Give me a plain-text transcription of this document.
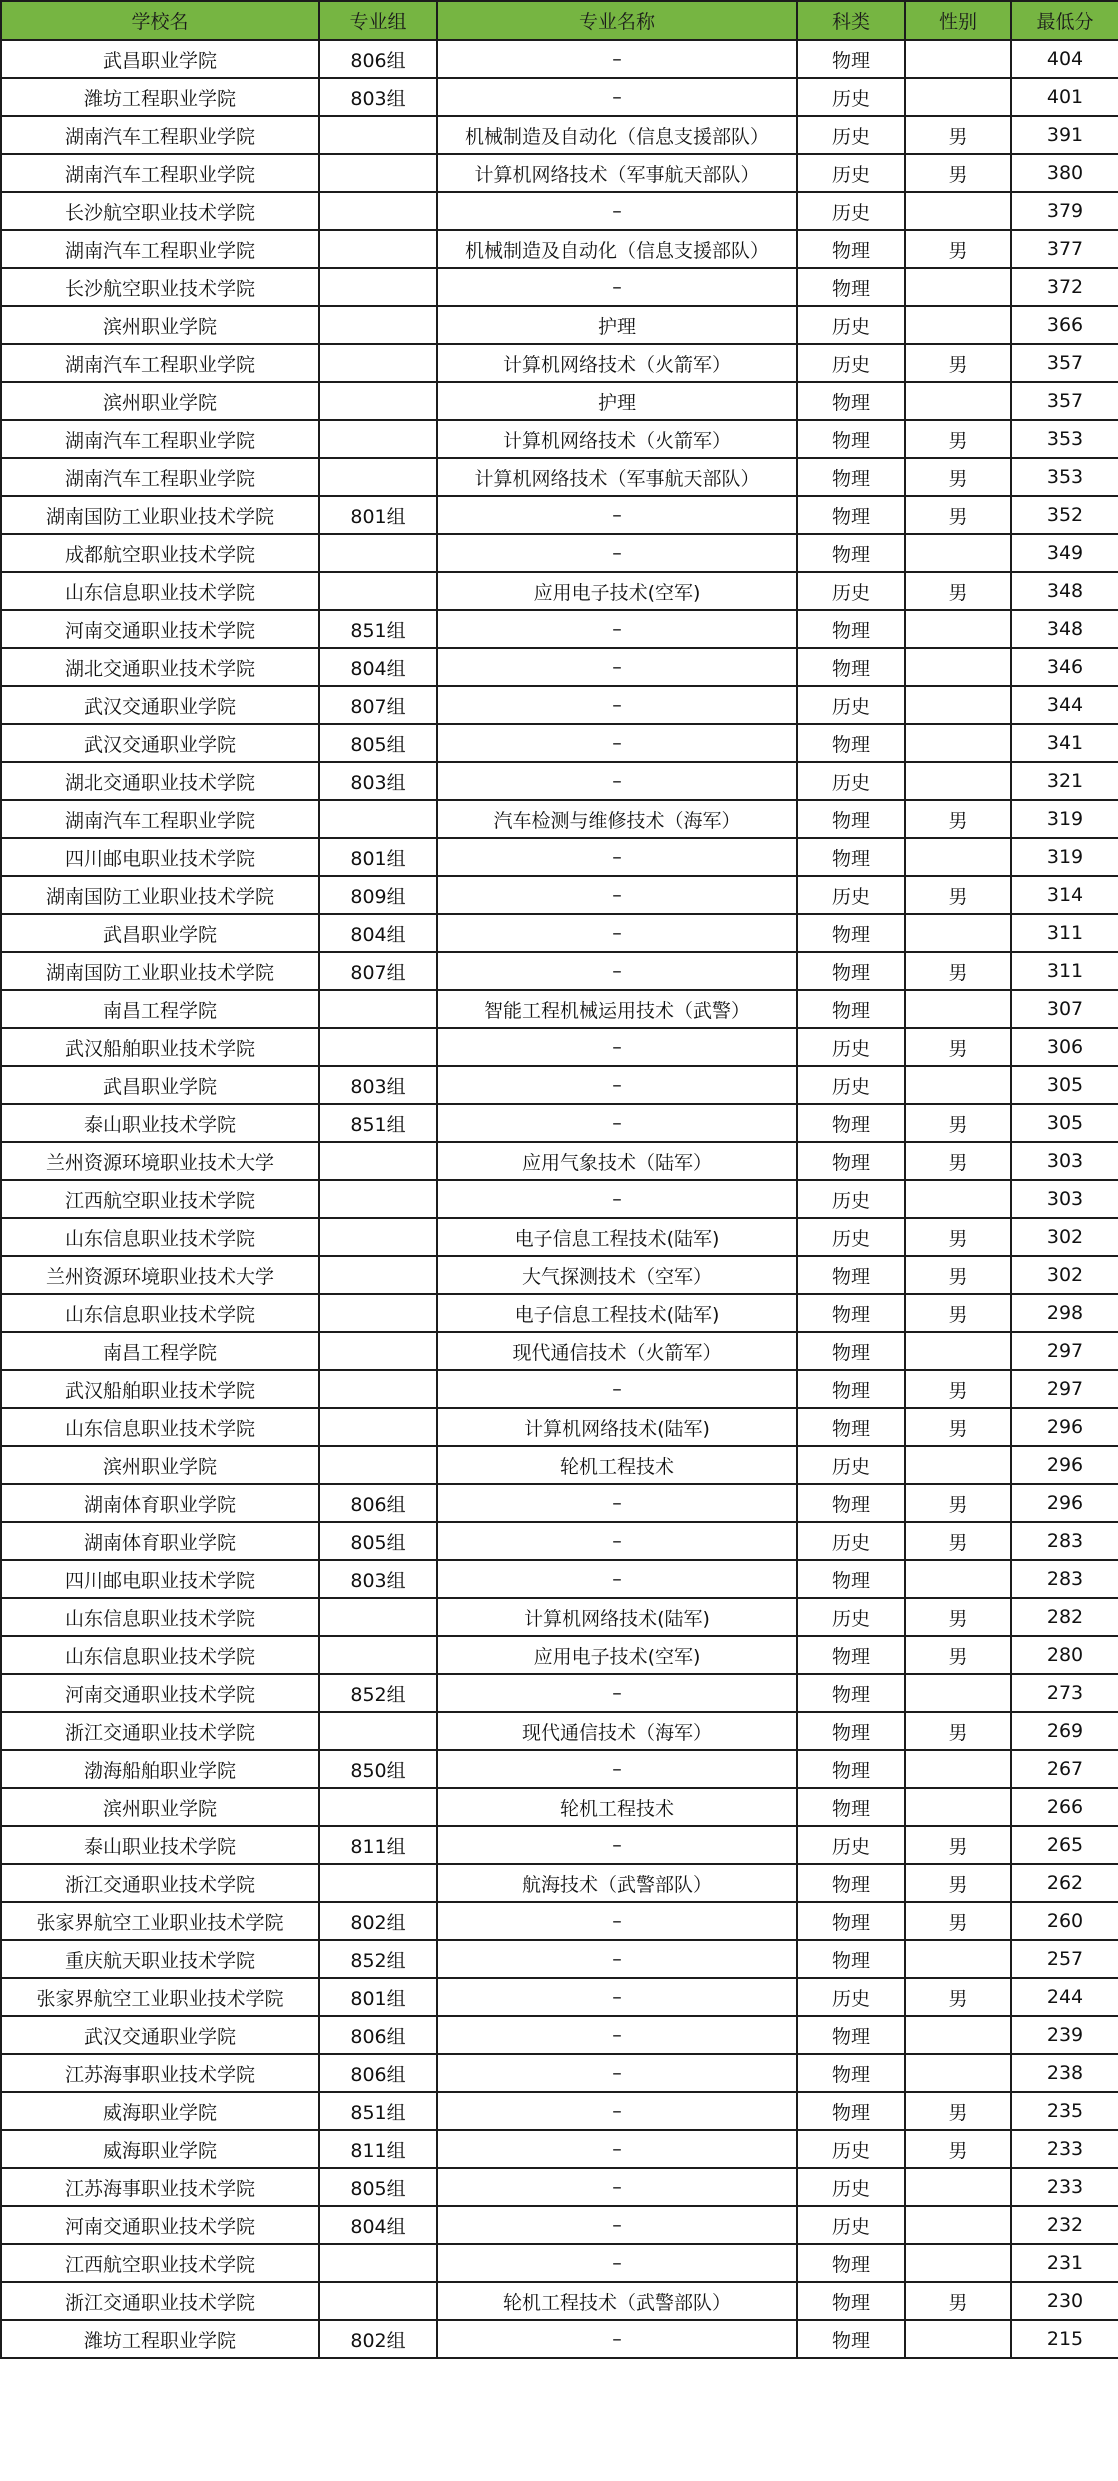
学校名	专业组	专业名称	科类	性别	最低分
武昌职业学院	806组	–	物理		404
潍坊工程职业学院	803组	–	历史		401
湖南汽车工程职业学院		机械制造及自动化（信息支援部队）	历史	男	391
湖南汽车工程职业学院		计算机网络技术（军事航天部队）	历史	男	380
长沙航空职业技术学院		–	历史		379
湖南汽车工程职业学院		机械制造及自动化（信息支援部队）	物理	男	377
长沙航空职业技术学院		–	物理		372
滨州职业学院		护理	历史		366
湖南汽车工程职业学院		计算机网络技术（火箭军）	历史	男	357
滨州职业学院		护理	物理		357
湖南汽车工程职业学院		计算机网络技术（火箭军）	物理	男	353
湖南汽车工程职业学院		计算机网络技术（军事航天部队）	物理	男	353
湖南国防工业职业技术学院	801组	–	物理	男	352
成都航空职业技术学院		–	物理		349
山东信息职业技术学院		应用电子技术(空军)	历史	男	348
河南交通职业技术学院	851组	–	物理		348
湖北交通职业技术学院	804组	–	物理		346
武汉交通职业学院	807组	–	历史		344
武汉交通职业学院	805组	–	物理		341
湖北交通职业技术学院	803组	–	历史		321
湖南汽车工程职业学院		汽车检测与维修技术（海军）	物理	男	319
四川邮电职业技术学院	801组	–	物理		319
湖南国防工业职业技术学院	809组	–	历史	男	314
武昌职业学院	804组	–	物理		311
湖南国防工业职业技术学院	807组	–	物理	男	311
南昌工程学院		智能工程机械运用技术（武警）	物理		307
武汉船舶职业技术学院		–	历史	男	306
武昌职业学院	803组	–	历史		305
泰山职业技术学院	851组	–	物理	男	305
兰州资源环境职业技术大学		应用气象技术（陆军）	物理	男	303
江西航空职业技术学院		–	历史		303
山东信息职业技术学院		电子信息工程技术(陆军)	历史	男	302
兰州资源环境职业技术大学		大气探测技术（空军）	物理	男	302
山东信息职业技术学院		电子信息工程技术(陆军)	物理	男	298
南昌工程学院		现代通信技术（火箭军）	物理		297
武汉船舶职业技术学院		–	物理	男	297
山东信息职业技术学院		计算机网络技术(陆军)	物理	男	296
滨州职业学院		轮机工程技术	历史		296
湖南体育职业学院	806组	–	物理	男	296
湖南体育职业学院	805组	–	历史	男	283
四川邮电职业技术学院	803组	–	物理		283
山东信息职业技术学院		计算机网络技术(陆军)	历史	男	282
山东信息职业技术学院		应用电子技术(空军)	物理	男	280
河南交通职业技术学院	852组	–	物理		273
浙江交通职业技术学院		现代通信技术（海军）	物理	男	269
渤海船舶职业学院	850组	–	物理		267
滨州职业学院		轮机工程技术	物理		266
泰山职业技术学院	811组	–	历史	男	265
浙江交通职业技术学院		航海技术（武警部队）	物理	男	262
张家界航空工业职业技术学院	802组	–	物理	男	260
重庆航天职业技术学院	852组	–	物理		257
张家界航空工业职业技术学院	801组	–	历史	男	244
武汉交通职业学院	806组	–	物理		239
江苏海事职业技术学院	806组	–	物理		238
威海职业学院	851组	–	物理	男	235
威海职业学院	811组	–	历史	男	233
江苏海事职业技术学院	805组	–	历史		233
河南交通职业技术学院	804组	–	历史		232
江西航空职业技术学院		–	物理		231
浙江交通职业技术学院		轮机工程技术（武警部队）	物理	男	230
潍坊工程职业学院	802组	–	物理		215
